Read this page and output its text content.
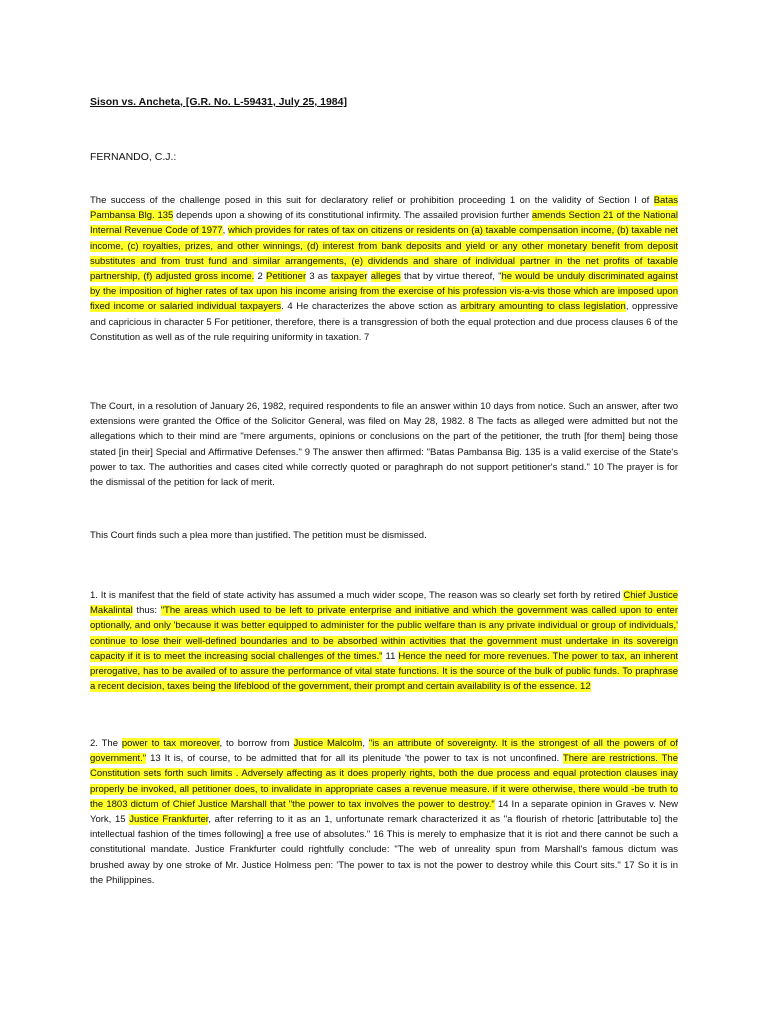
Sison vs. Ancheta, [G.R. No. L-59431, July 25, 1984]
FERNANDO, C.J.:

The success of the challenge posed in this suit for declaratory relief or prohibition proceeding 1 on the validity of Section I of Batas Pambansa Blg. 135 depends upon a showing of its constitutional infirmity. The assailed provision further amends Section 21 of the National Internal Revenue Code of 1977, which provides for rates of tax on citizens or residents on (a) taxable compensation income, (b) taxable net income, (c) royalties, prizes, and other winnings, (d) interest from bank deposits and yield or any other monetary benefit from deposit substitutes and from trust fund and similar arrangements, (e) dividends and share of individual partner in the net profits of taxable partnership, (f) adjusted gross income. 2 Petitioner 3 as taxpayer alleges that by virtue thereof, "he would be unduly discriminated against by the imposition of higher rates of tax upon his income arising from the exercise of his profession vis-a-vis those which are imposed upon fixed income or salaried individual taxpayers. 4 He characterizes the above sction as arbitrary amounting to class legislation, oppressive and capricious in character 5 For petitioner, therefore, there is a transgression of both the equal protection and due process clauses 6 of the Constitution as well as of the rule requiring uniformity in taxation. 7

The Court, in a resolution of January 26, 1982, required respondents to file an answer within 10 days from notice. Such an answer, after two extensions were granted the Office of the Solicitor General, was filed on May 28, 1982. 8 The facts as alleged were admitted but not the allegations which to their mind are "mere arguments, opinions or conclusions on the part of the petitioner, the truth [for them] being those stated [in their] Special and Affirmative Defenses." 9 The answer then affirmed: "Batas Pambansa Big. 135 is a valid exercise of the State's power to tax. The authorities and cases cited while correctly quoted or paraghraph do not support petitioner's stand." 10 The prayer is for the dismissal of the petition for lack of merit.

This Court finds such a plea more than justified. The petition must be dismissed.

1. It is manifest that the field of state activity has assumed a much wider scope, The reason was so clearly set forth by retired Chief Justice Makalintal thus: "The areas which used to be left to private enterprise and initiative and which the government was called upon to enter optionally, and only 'because it was better equipped to administer for the public welfare than is any private individual or group of individuals,' continue to lose their well-defined boundaries and to be absorbed within activities that the government must undertake in its sovereign capacity if it is to meet the increasing social challenges of the times." 11 Hence the need for more revenues. The power to tax, an inherent prerogative, has to be availed of to assure the performance of vital state functions. It is the source of the bulk of public funds. To praphrase a recent decision, taxes being the lifeblood of the government, their prompt and certain availability is of the essence. 12

2. The power to tax moreover, to borrow from Justice Malcolm, "is an attribute of sovereignty. It is the strongest of all the powers of of government." 13 It is, of course, to be admitted that for all its plenitude 'the power to tax is not unconfined. There are restrictions. The Constitution sets forth such limits . Adversely affecting as it does properly rights, both the due process and equal protection clauses inay properly be invoked, all petitioner does, to invalidate in appropriate cases a revenue measure. if it were otherwise, there would -be truth to the 1803 dictum of Chief Justice Marshall that "the power to tax involves the power to destroy." 14 In a separate opinion in Graves v. New York, 15 Justice Frankfurter, after referring to it as an 1, unfortunate remark characterized it as "a flourish of rhetoric [attributable to] the intellectual fashion of the times following] a free use of absolutes." 16 This is merely to emphasize that it is riot and there cannot be such a constitutional mandate. Justice Frankfurter could rightfully conclude: "The web of unreality spun from Marshall's famous dictum was brushed away by one stroke of Mr. Justice Holmess pen: 'The power to tax is not the power to destroy while this Court sits." 17 So it is in the Philippines.
